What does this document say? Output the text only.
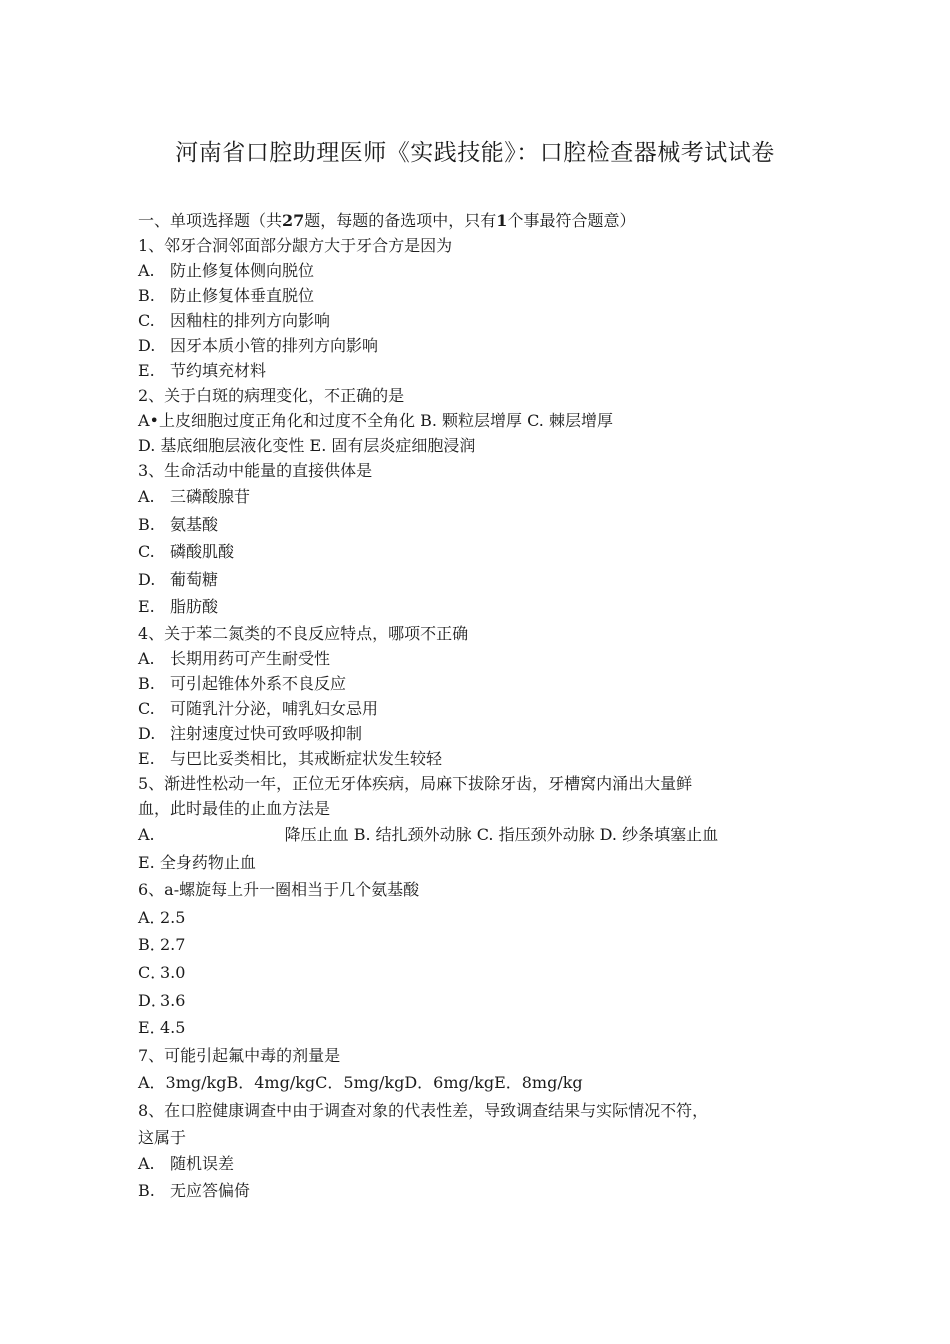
河南省口腔助理医师《实践技能》：口腔检查器械考试试卷
一、单项选择题（共27题，每题的备选项中，只有1个事最符合题意）
1、邻牙合洞邻面部分龈方大于牙合方是因为
A. 防止修复体侧向脱位
B. 防止修复体垂直脱位
C. 因釉柱的排列方向影响
D. 因牙本质小管的排列方向影响
E. 节约填充材料
2、关于白斑的病理变化，不正确的是
A•上皮细胞过度正角化和过度不全角化 B. 颗粒层增厚 C. 棘层增厚
D. 基底细胞层液化变性 E. 固有层炎症细胞浸润
3、生命活动中能量的直接供体是
A. 三磷酸腺苷
B. 氨基酸
C. 磷酸肌酸
D. 葡萄糖
E. 脂肪酸
4、关于苯二氮类的不良反应特点，哪项不正确
A. 长期用药可产生耐受性
B. 可引起锥体外系不良反应
C. 可随乳汁分泌，哺乳妇女忌用
D. 注射速度过快可致呼吸抑制
E. 与巴比妥类相比，其戒断症状发生较轻
5、渐进性松动一年，正位无牙体疾病，局麻下拔除牙齿，牙槽窝内涌出大量鲜
血，此时最佳的止血方法是
A.	降压止血 B. 结扎颈外动脉 C. 指压颈外动脉 D. 纱条填塞止血
E. 全身药物止血
6、a-螺旋每上升一圈相当于几个氨基酸
A．2.5
B．2.7
C．3.0
D．3.6
E．4.5
7、可能引起氟中毒的剂量是
A．3mg/kgB．4mg/kgC．5mg/kgD．6mg/kgE．8mg/kg
8、在口腔健康调查中由于调查对象的代表性差，导致调查结果与实际情况不符，
这属于
A. 随机误差
B. 无应答偏倚
